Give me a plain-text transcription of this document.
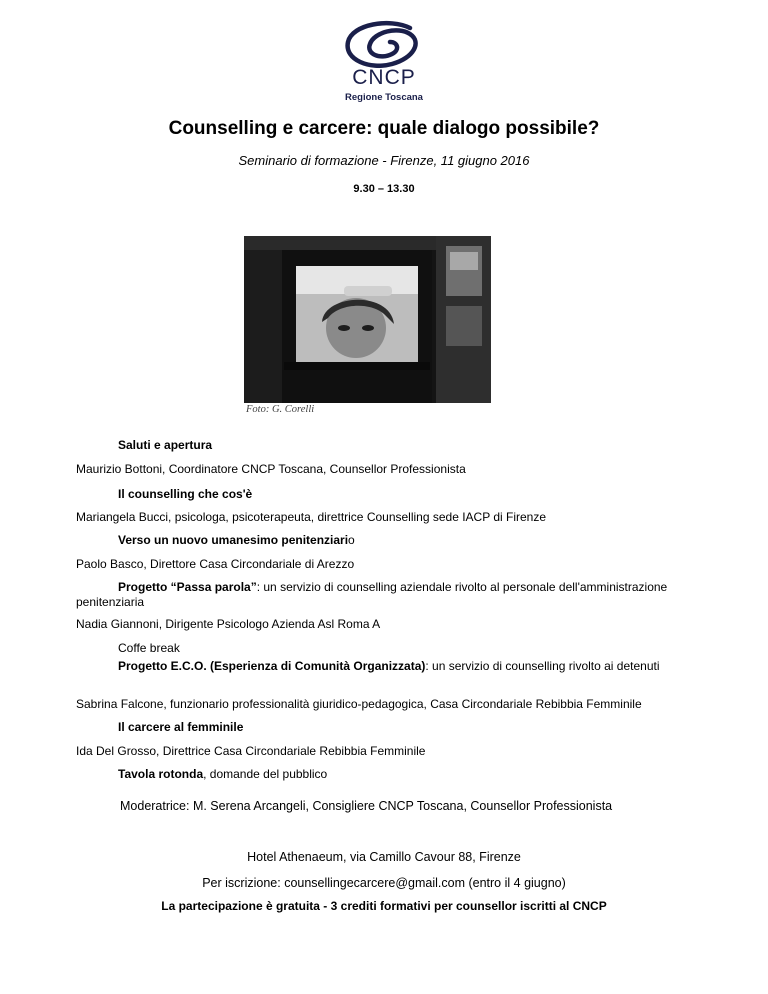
CNCP
Regione Toscana
Counselling e carcere: quale dialogo possibile?
Seminario di formazione - Firenze, 11 giugno 2016
9.30 – 13.30
Foto: G. Corelli
Saluti e apertura
Maurizio Bottoni, Coordinatore CNCP Toscana, Counsellor Professionista
Il counselling che cos'è
Mariangela Bucci, psicologa, psicoterapeuta, direttrice Counselling sede IACP di Firenze
Verso un nuovo umanesimo penitenziario
Paolo Basco, Direttore Casa Circondariale di Arezzo
Progetto “Passa parola”: un servizio di counselling aziendale rivolto al personale dell'amministrazione penitenziaria
Nadia Giannoni, Dirigente Psicologo Azienda Asl Roma A
Coffe break
Progetto E.C.O. (Esperienza di Comunità Organizzata): un servizio di counselling rivolto ai detenuti
Sabrina Falcone, funzionario professionalità giuridico-pedagogica, Casa Circondariale Rebibbia Femminile
Il carcere al femminile
Ida Del Grosso, Direttrice Casa Circondariale Rebibbia Femminile
Tavola rotonda, domande del pubblico
Moderatrice: M. Serena Arcangeli, Consigliere CNCP Toscana, Counsellor Professionista
Hotel Athenaeum, via Camillo Cavour 88, Firenze
Per iscrizione: counsellingecarcere@gmail.com (entro il 4 giugno)
La partecipazione è gratuita - 3 crediti formativi per counsellor iscritti al CNCP
